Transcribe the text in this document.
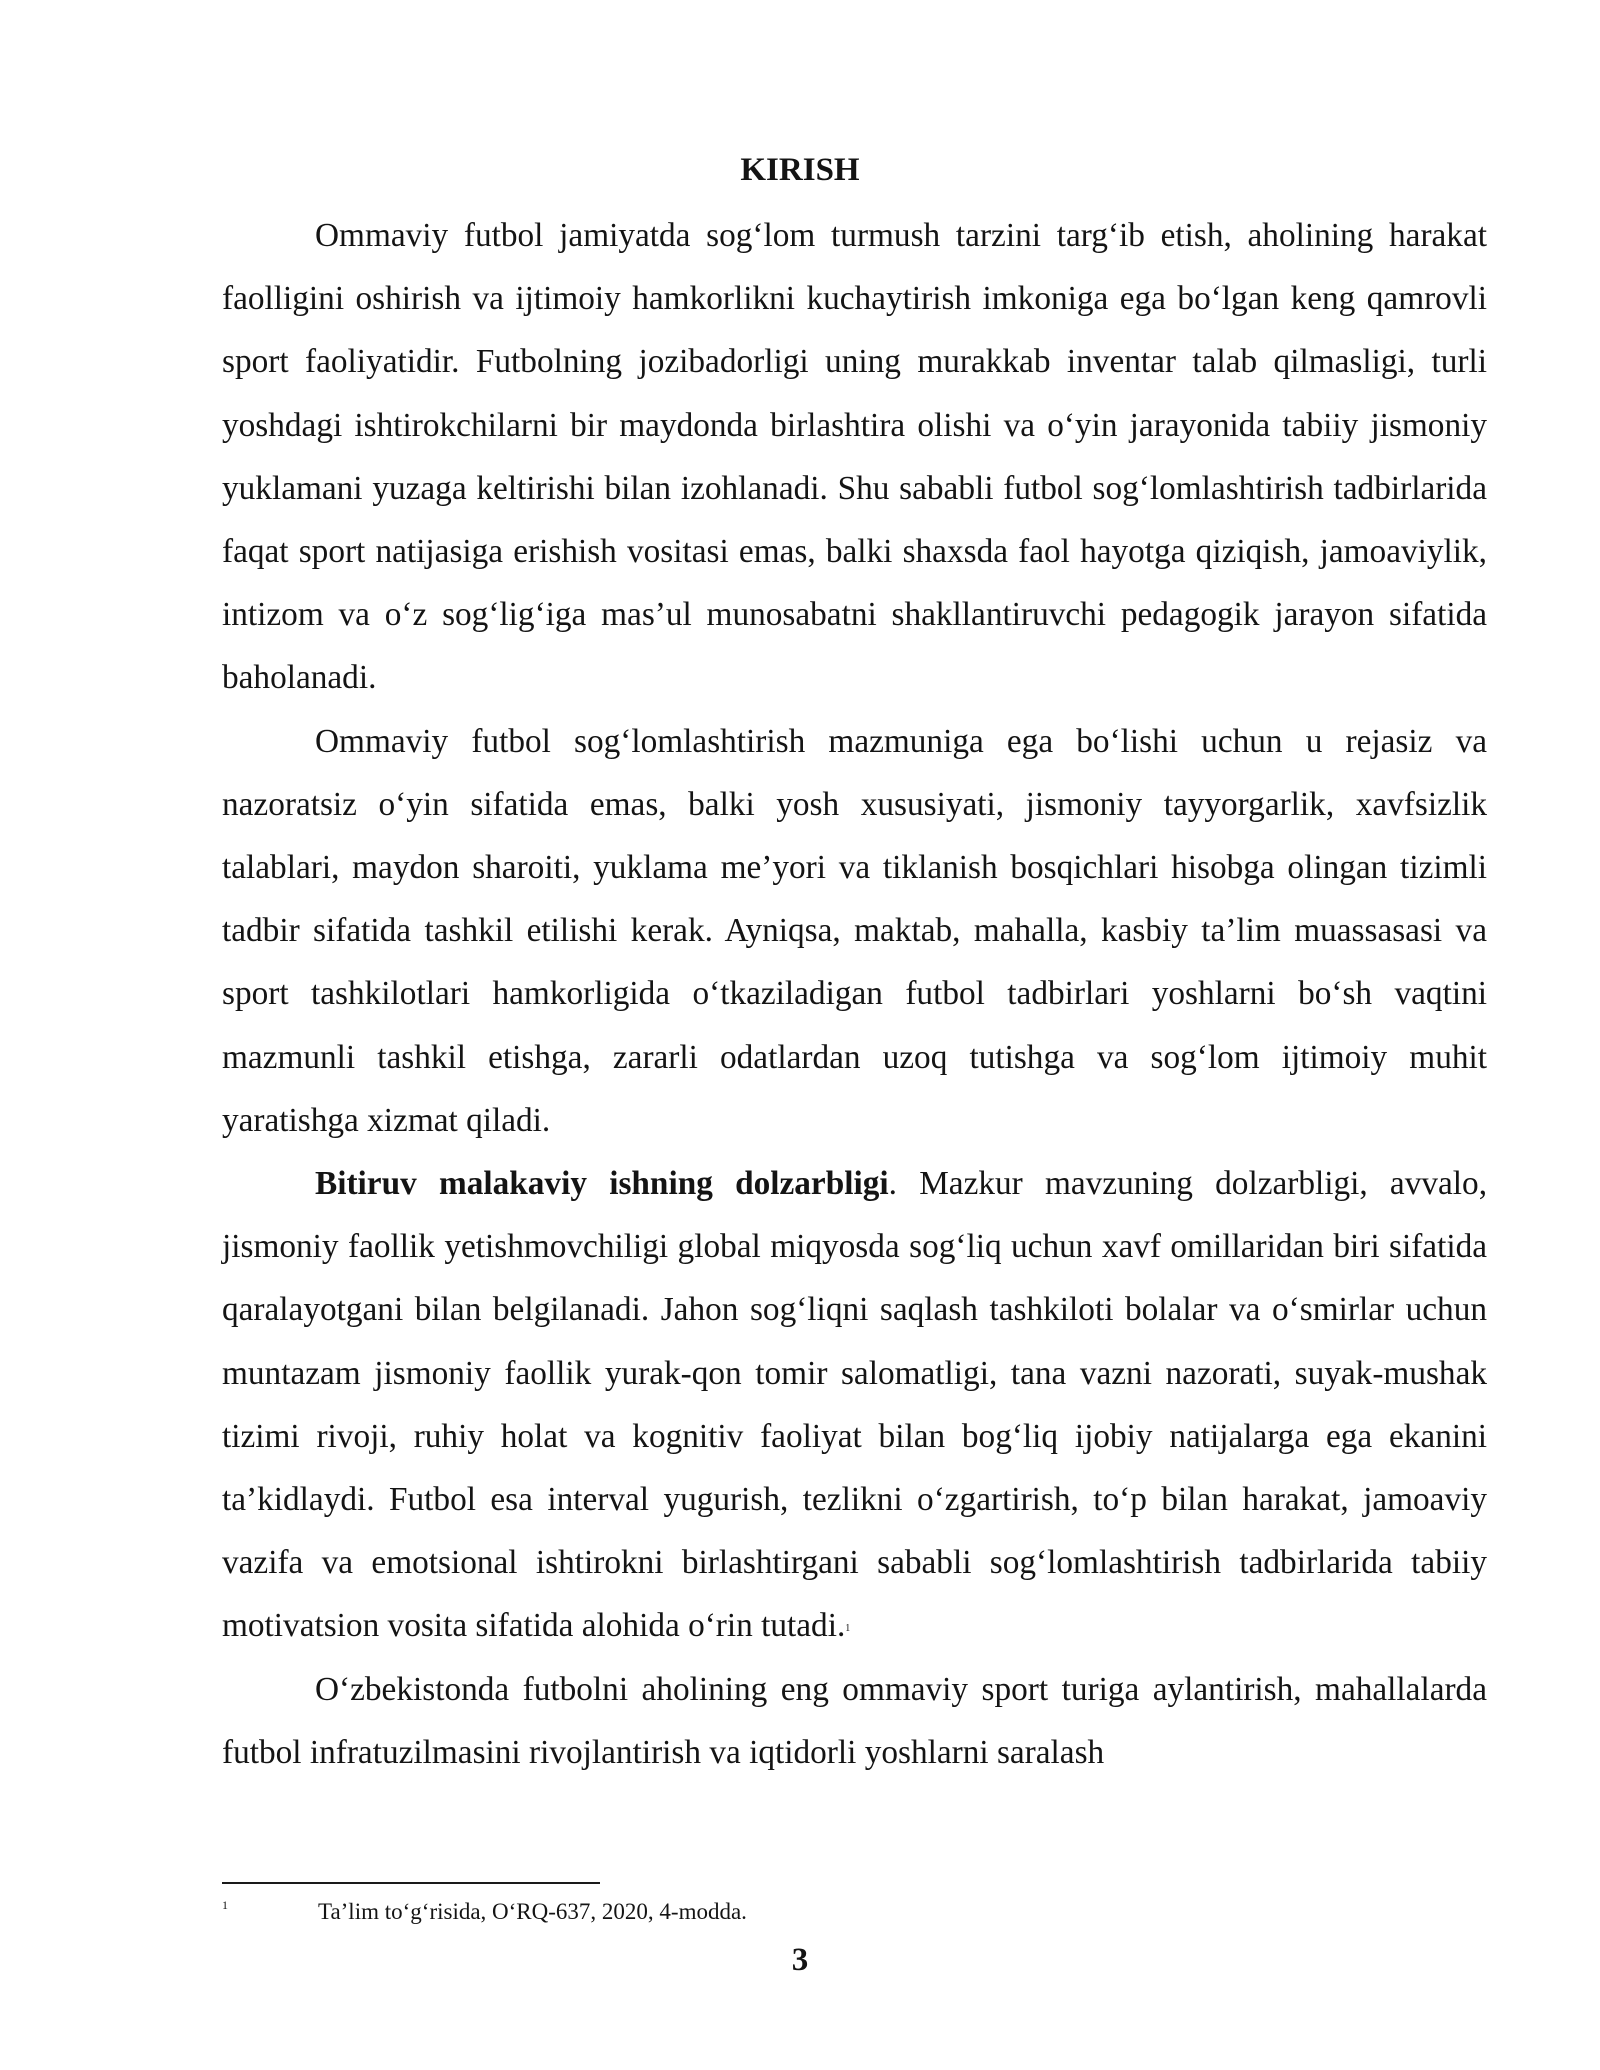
KIRISH

Ommaviy futbol jamiyatda sog‘lom turmush tarzini targ‘ib etish, aholining harakat faolligini oshirish va ijtimoiy hamkorlikni kuchaytirish imkoniga ega bo‘lgan keng qamrovli sport faoliyatidir. Futbolning jozibadorligi uning murakkab inventar talab qilmasligi, turli yoshdagi ishtirokchilarni bir maydonda birlashtira olishi va o‘yin jarayonida tabiiy jismoniy yuklamani yuzaga keltirishi bilan izohlanadi. Shu sababli futbol sog‘lomlashtirish tadbirlarida faqat sport natijasiga erishish vositasi emas, balki shaxsda faol hayotga qiziqish, jamoaviylik, intizom va o‘z sog‘lig‘iga mas’ul munosabatni shakllantiruvchi pedagogik jarayon sifatida baholanadi.

Ommaviy futbol sog‘lomlashtirish mazmuniga ega bo‘lishi uchun u rejasiz va nazoratsiz o‘yin sifatida emas, balki yosh xususiyati, jismoniy tayyorgarlik, xavfsizlik talablari, maydon sharoiti, yuklama me’yori va tiklanish bosqichlari hisobga olingan tizimli tadbir sifatida tashkil etilishi kerak. Ayniqsa, maktab, mahalla, kasbiy ta’lim muassasasi va sport tashkilotlari hamkorligida o‘tkaziladigan futbol tadbirlari yoshlarni bo‘sh vaqtini mazmunli tashkil etishga, zararli odatlardan uzoq tutishga va sog‘lom ijtimoiy muhit yaratishga xizmat qiladi.

Bitiruv malakaviy ishning dolzarbligi. Mazkur mavzuning dolzarbligi, avvalo, jismoniy faollik yetishmovchiligi global miqyosda sog‘liq uchun xavf omillaridan biri sifatida qaralayotgani bilan belgilanadi. Jahon sog‘liqni saqlash tashkiloti bolalar va o‘smirlar uchun muntazam jismoniy faollik yurak-qon tomir salomatligi, tana vazni nazorati, suyak-mushak tizimi rivoji, ruhiy holat va kognitiv faoliyat bilan bog‘liq ijobiy natijalarga ega ekanini ta’kidlaydi. Futbol esa interval yugurish, tezlikni o‘zgartirish, to‘p bilan harakat, jamoaviy vazifa va emotsional ishtirokni birlashtirgani sababli sog‘lomlashtirish tadbirlarida tabiiy motivatsion vosita sifatida alohida o‘rin tutadi.1

O‘zbekistonda futbolni aholining eng ommaviy sport turiga aylantirish, mahallalarda futbol infratuzilmasini rivojlantirish va iqtidorli yoshlarni saralash

1	Ta’lim to‘g‘risida, O‘RQ-637, 2020, 4-modda.
3
